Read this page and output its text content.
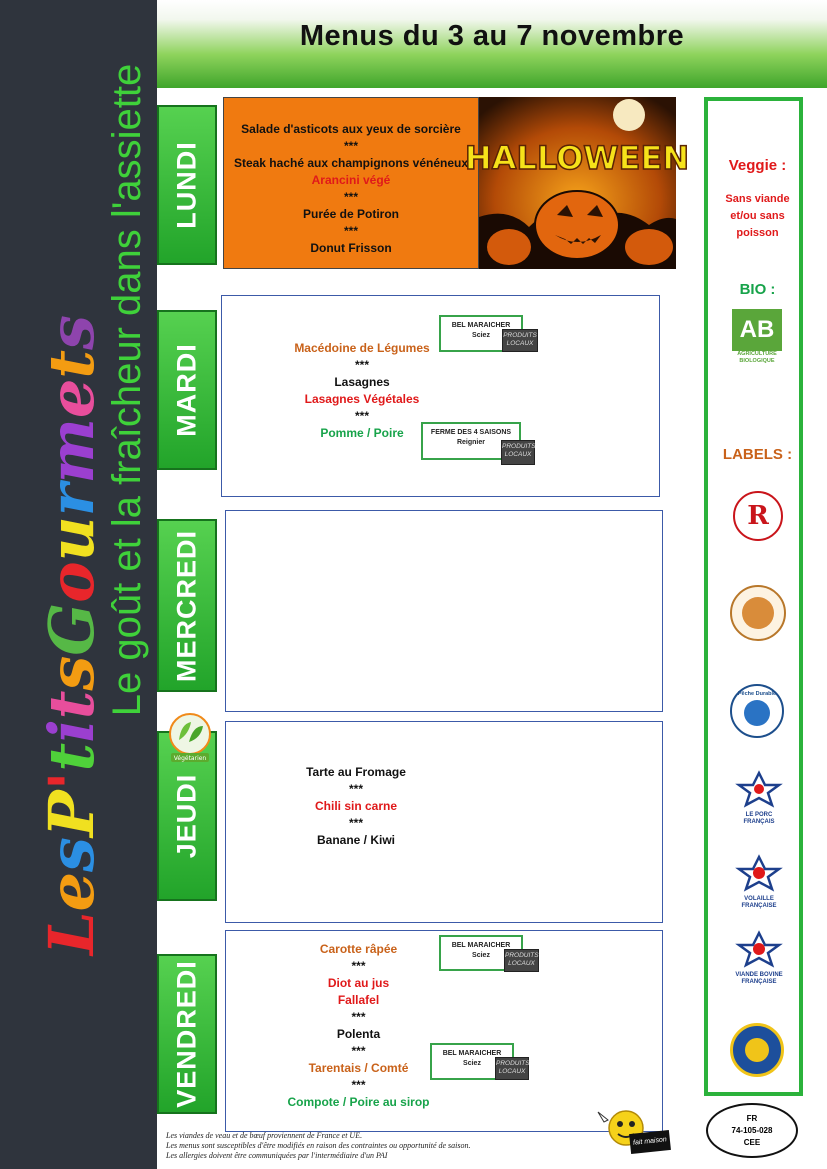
LesP'titsGourmets
Le goût et la fraîcheur dans l'assiette
Menus du 3 au 7 novembre
LUNDI
Salade d'asticots aux yeux de sorcière
***
Steak haché aux champignons vénéneux
Arancini végé
***
Purée de Potiron
***
Donut Frisson
HALLOWEEN
MARDI	Macédoine de Légumes
***
Lasagnes
Lasagnes Végétales
***
Pomme / Poire
BEL MARAICHER
Sciez	PRODUITS LOCAUX
FERME DES 4 SAISONS
Reignier
PRODUITS LOCAUX
MERCREDI
JEUDI
Végétarien
Tarte au Fromage
***
Chili sin carne
***
Banane / Kiwi
VENDREDI
Carotte râpée
***
Diot au jus
Fallafel
***
Polenta
***
Tarentais / Comté
***
Compote / Poire au sirop
BEL MARAICHER
Sciez	PRODUITS LOCAUX
BEL MARAICHER
Sciez	PRODUITS LOCAUX
Veggie :
Sans viande et/ou sans poisson
BIO :
AB
AGRICULTURE BIOLOGIQUE
LABELS :
R
Pêche Durable
LE PORC FRANÇAIS
VOLAILLE FRANÇAISE
VIANDE BOVINE FRANÇAISE
Les viandes de veau et de bœuf proviennent de France et UE.
Les menus sont susceptibles d'être modifiés en raison des contraintes ou opportunité de saison.
Les allergies doivent être communiquées par l'intermédiaire d'un PAI
fait maison
FR
74-105-028
CEE
